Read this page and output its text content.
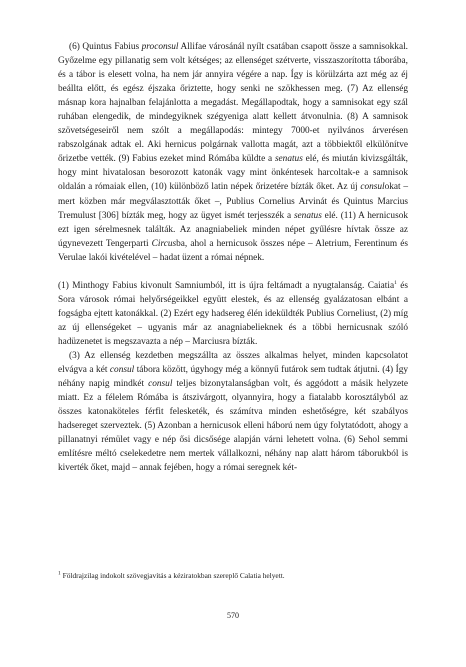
(6) Quintus Fabius proconsul Allifae városánál nyílt csatában csapott össze a samnisokkal. Győzelme egy pillanatig sem volt kétséges; az ellenséget szétverte, visszaszorította táborába, és a tábor is elesett volna, ha nem jár annyira végére a nap. Így is körülzárta azt még az éj beállta előtt, és egész éjszaka őriztette, hogy senki ne szökhessen meg. (7) Az ellenség másnap kora hajnalban felajánlotta a megadást. Megállapodtak, hogy a samnisokat egy szál ruhában elengedik, de mindegyiknek szégyeniga alatt kellett átvonulnia. (8) A samnisok szövetségeseiről nem szólt a megállapodás: mintegy 7000-et nyilvános árverésen rabszolgának adtak el. Aki hernicus polgárnak vallotta magát, azt a többiektől elkülönítve őrizetbe vették. (9) Fabius ezeket mind Rómába küldte a senatus elé, és miután kivizsgálták, hogy mint hivatalosan besorozott katonák vagy mint önkéntesek harcoltak-e a samnisok oldalán a rómaiak ellen, (10) különböző latin népek őrizetére bízták őket. Az új consulokat – mert közben már megválasztották őket –, Publius Cornelius Arvinát és Quintus Marcius Tremulust [306] bízták meg, hogy az ügyet ismét terjesszék a senatus elé. (11) A hernicusok ezt igen sérelmesnek találták. Az anagniabeliek minden népet gyűlésre hívtak össze az úgynevezett Tengerparti Circusba, ahol a hernicusok összes népe – Aletrium, Ferentinum és Verulae lakói kivételével – hadat üzent a római népnek.

(1) Minthogy Fabius kivonult Samniumból, itt is újra feltámadt a nyugtalanság. Caiatia$^1$ és Sora városok római helyőrségeikkel együtt elestek, és az ellenség gyalázatosan elbánt a fogságba ejtett katonákkal. (2) Ezért egy hadsereg élén ideküldték Publius Corneliust, (2) míg az új ellenségeket – ugyanis már az anagniabelieknek és a többi hernicusnak szóló hadüzenetet is megszavazta a nép – Marciusra bízták.

(3) Az ellenség kezdetben megszállta az összes alkalmas helyet, minden kapcsolatot elvágva a két consul tábora között, úgyhogy még a könnyű futárok sem tudtak átjutni. (4) Így néhány napig mindkét consul teljes bizonytalanságban volt, és aggódott a másik helyzete miatt. Ez a félelem Rómába is átszivárgott, olyannyira, hogy a fiatalabb korosztályból az összes katonaköteles férfit felesketék, és számítva minden eshetőségre, két szabályos hadsereget szerveztek. (5) Azonban a hernicusok elleni háború nem úgy folytatódott, ahogy a pillanatnyi rémület vagy e nép ősi dicsősége alapján várni lehetett volna. (6) Sehol semmi említésre méltó cselekedetre nem mertek vállalkozni, néhány nap alatt három táborukból is kiverték őket, majd – annak fejében, hogy a római seregnek két-

$^1$ Földrajzilag indokolt szövegjavítás a kéziratokban szereplő Calatia helyett.

570
